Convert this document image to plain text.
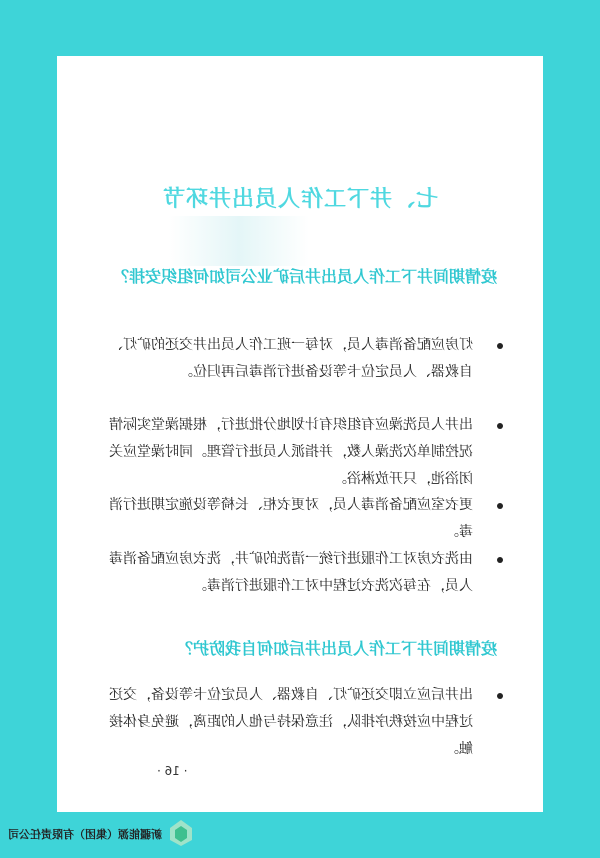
七、井下工作人员出井环节
疫情期间井下工作人员出井后矿业公司如何组织安排？
灯房应配备消毒人员，对每一班工作人员出井交还的矿灯、自救器、人员定位卡等设备进行消毒后再归位。
出井人员洗澡应有组织有计划地分批进行，根据澡堂实际情况控制单次洗澡人数，并指派人员进行管理。同时澡堂应关闭浴池，只开放淋浴。
更衣室应配备消毒人员，对更衣柜、长椅等设施定期进行消毒。
由洗衣房对工作服进行统一清洗的矿井，洗衣房应配备消毒人员，在每次洗衣过程中对工作服进行消毒。
疫情期间井下工作人员出井后如何自我防护？
出井后应立即交还矿灯、自救器、人员定位卡等设备，交还过程中应按秩序排队，注意保持与他人的距离，避免身体接触。
· 16 ·
新疆能源（集团）有限责任公司
